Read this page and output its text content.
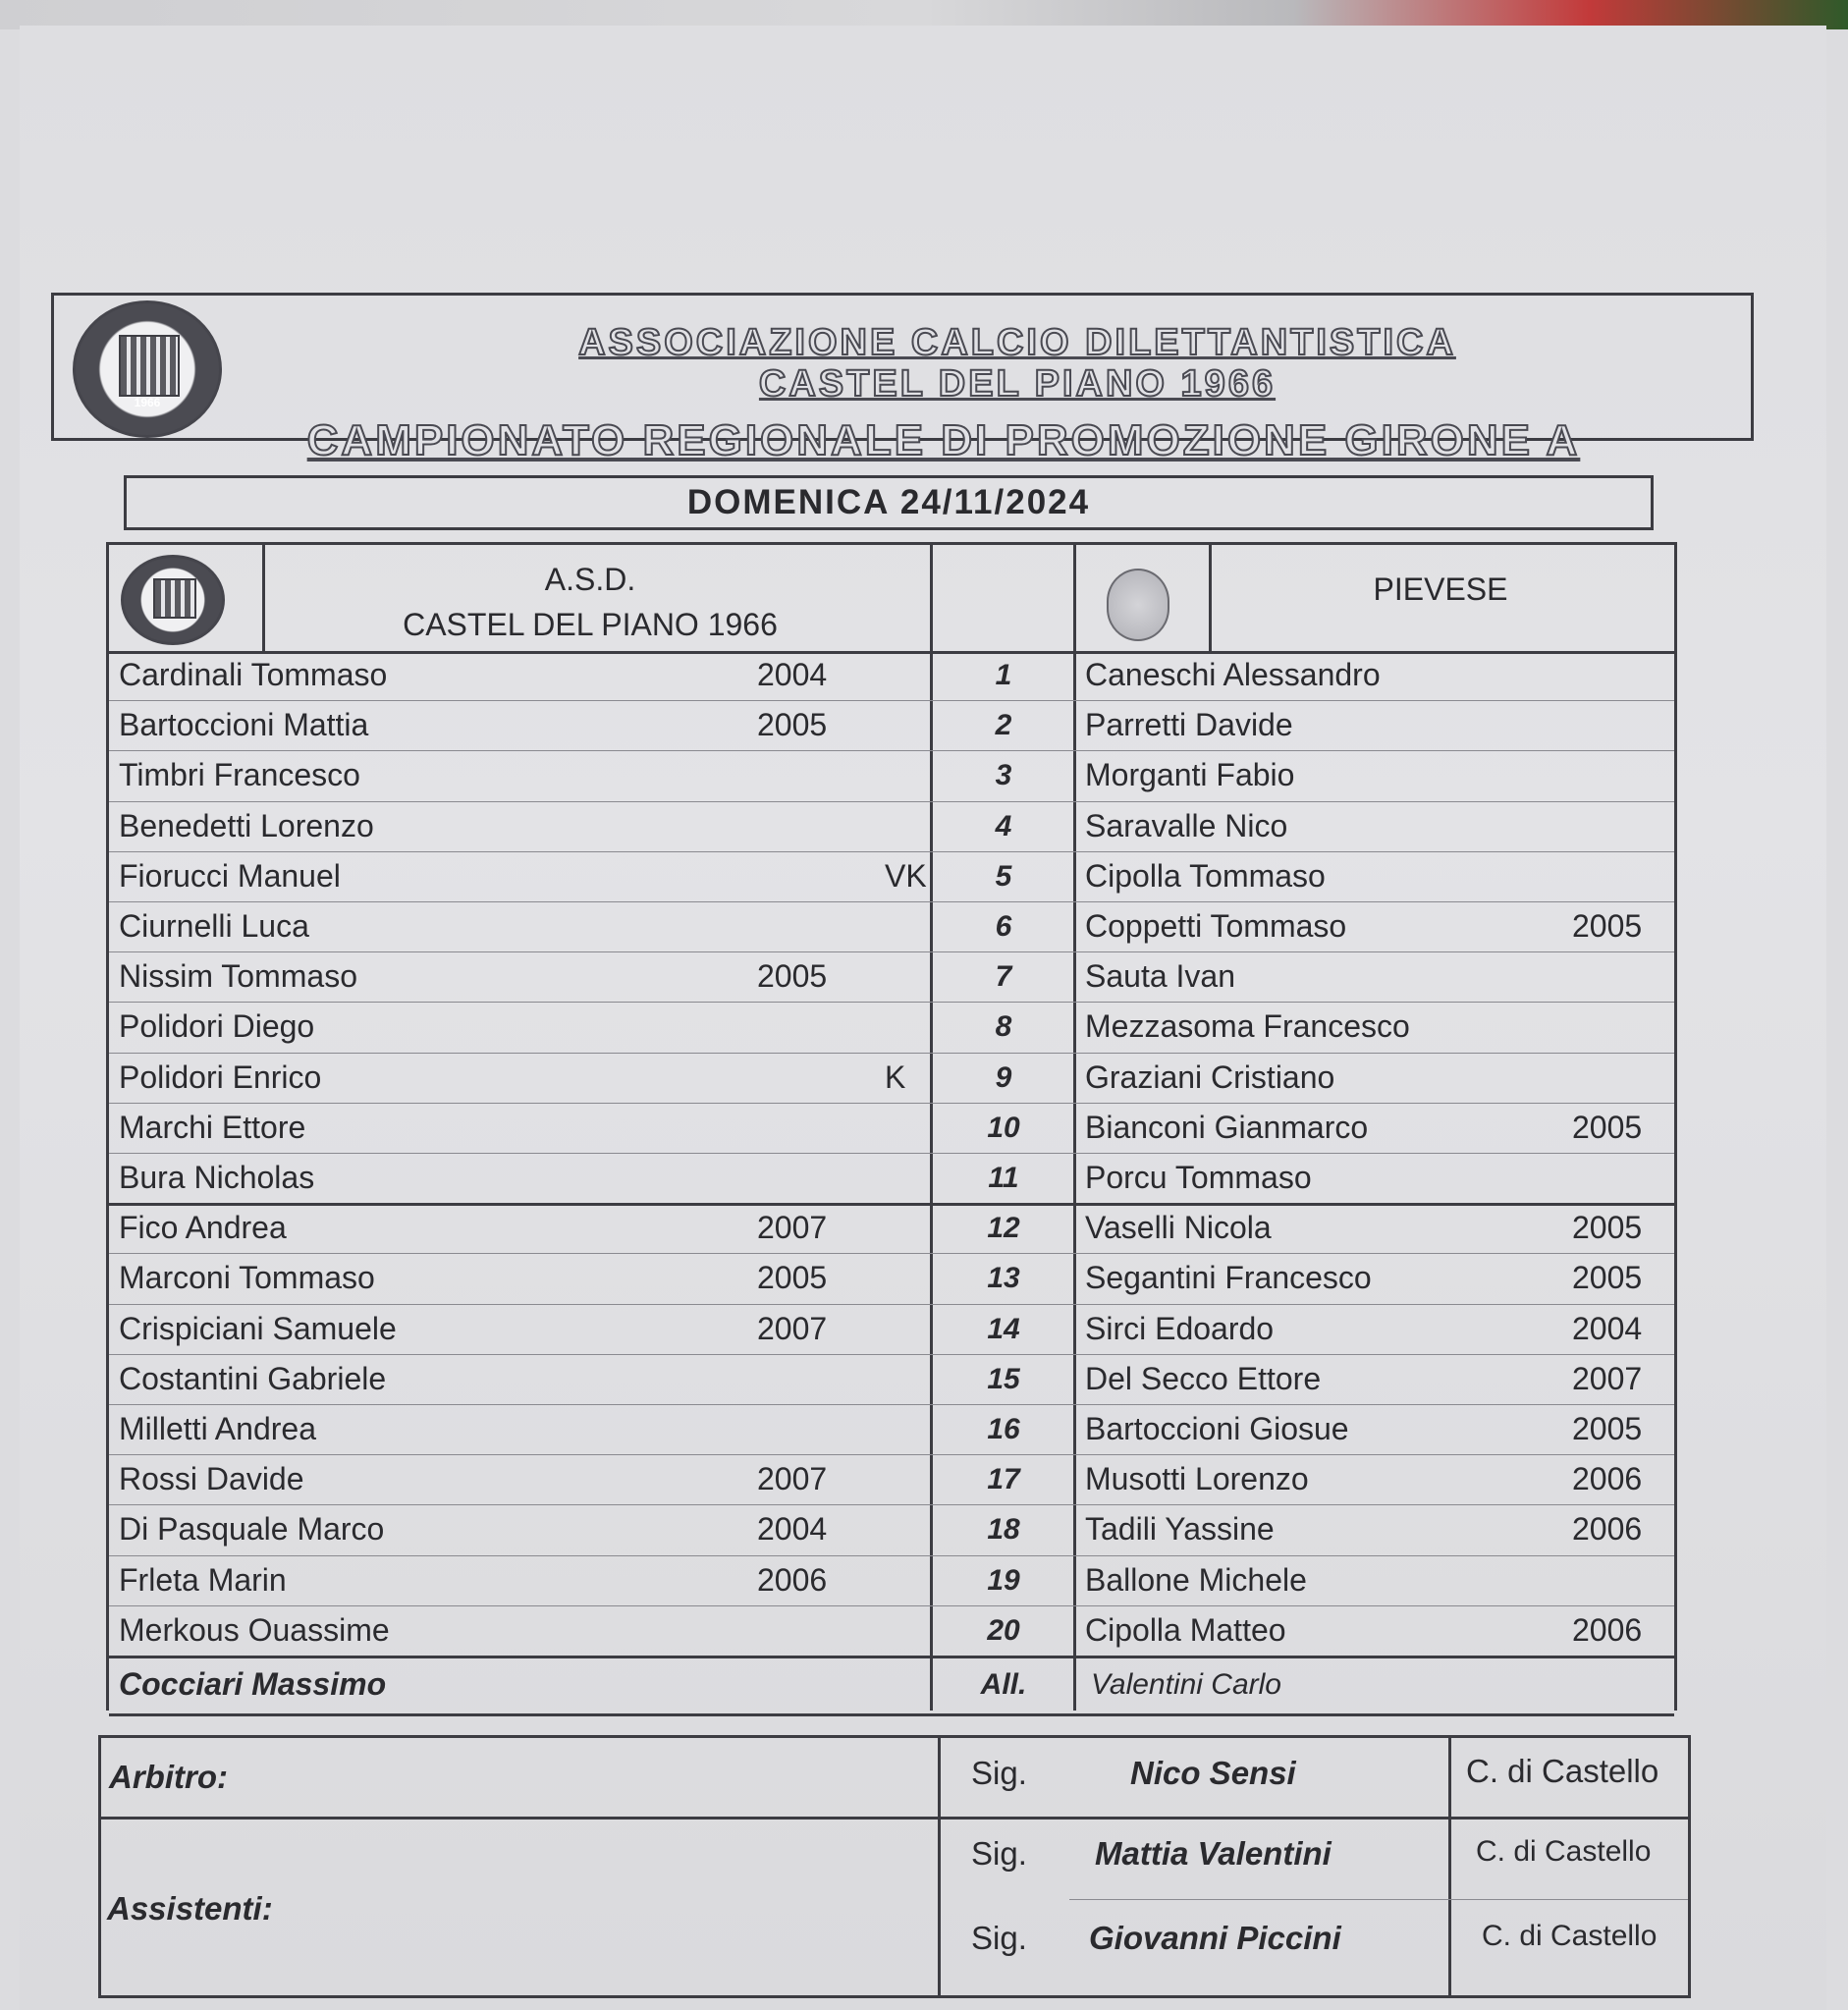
1966
ASSOCIAZIONE CALCIO DILETTANTISTICA
CASTEL DEL PIANO 1966
CAMPIONATO REGIONALE DI PROMOZIONE GIRONE A
DOMENICA 24/11/2024
A.S.D.
CASTEL DEL PIANO 1966
PIEVESE
Cardinali Tommaso	2004	1	Caneschi Alessandro
Bartoccioni Mattia	2005	2	Parretti Davide
Timbri Francesco	3	Morganti Fabio
Benedetti Lorenzo	4	Saravalle Nico
Fiorucci Manuel	VK	5	Cipolla Tommaso
Ciurnelli Luca	6	Coppetti Tommaso	2005
Nissim Tommaso	2005	7	Sauta Ivan
Polidori Diego	8	Mezzasoma Francesco
Polidori Enrico	K	9	Graziani Cristiano
Marchi Ettore	10	Bianconi Gianmarco	2005
Bura Nicholas	11	Porcu Tommaso
Fico Andrea	2007	12	Vaselli Nicola	2005
Marconi Tommaso	2005	13	Segantini Francesco	2005
Crispiciani Samuele	2007	14	Sirci Edoardo	2004
Costantini Gabriele	15	Del Secco Ettore	2007
Milletti Andrea	16	Bartoccioni Giosue	2005
Rossi Davide	2007	17	Musotti Lorenzo	2006
Di Pasquale Marco	2004	18	Tadili Yassine	2006
Frleta Marin	2006	19	Ballone Michele
Merkous Ouassime	20	Cipolla Matteo	2006
Cocciari Massimo	All.	Valentini Carlo
Arbitro:	Sig.	Nico Sensi	C. di Castello
Assistenti:
Sig. Mattia Valentini	C. di Castello
Sig. Giovanni Piccini	C. di Castello
